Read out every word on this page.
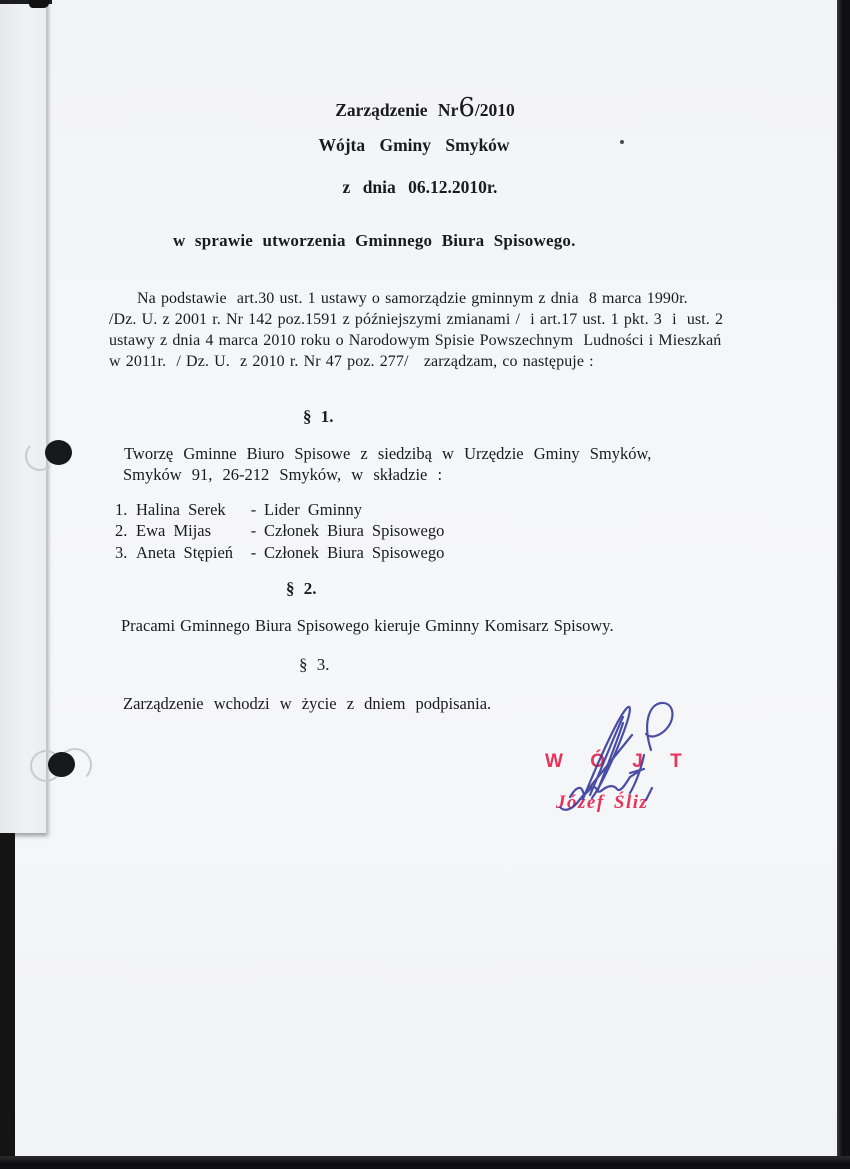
Zarządzenie Nr6/2010
Wójta Gminy Smyków
z dnia 06.12.2010r.
w sprawie utworzenia Gminnego Biura Spisowego.
Na podstawie  art.30 ust. 1 ustawy o samorządzie gminnym z dnia  8 marca 1990r.
/Dz. U. z 2001 r. Nr 142 poz.1591 z późniejszymi zmianami /  i art.17 ust. 1 pkt. 3  i  ust. 2
ustawy z dnia 4 marca 2010 roku o Narodowym Spisie Powszechnym  Ludności i Mieszkań
w 2011r.  / Dz. U.  z 2010 r. Nr 47 poz. 277/   zarządzam, co następuje :
§ 1.
Tworzę Gminne Biuro Spisowe z siedzibą w Urzędzie Gminy Smyków,
Smyków 91, 26-212 Smyków, w składzie :
1. Halina Serek	- Lider Gminny
2. Ewa Mijas	- Członek Biura Spisowego
3. Aneta Stępień	- Członek Biura Spisowego
§ 2.
Pracami Gminnego Biura Spisowego kieruje Gminny Komisarz Spisowy.
§ 3.
Zarządzenie wchodzi w życie z dniem podpisania.
W Ó J T
Józef Śliz
